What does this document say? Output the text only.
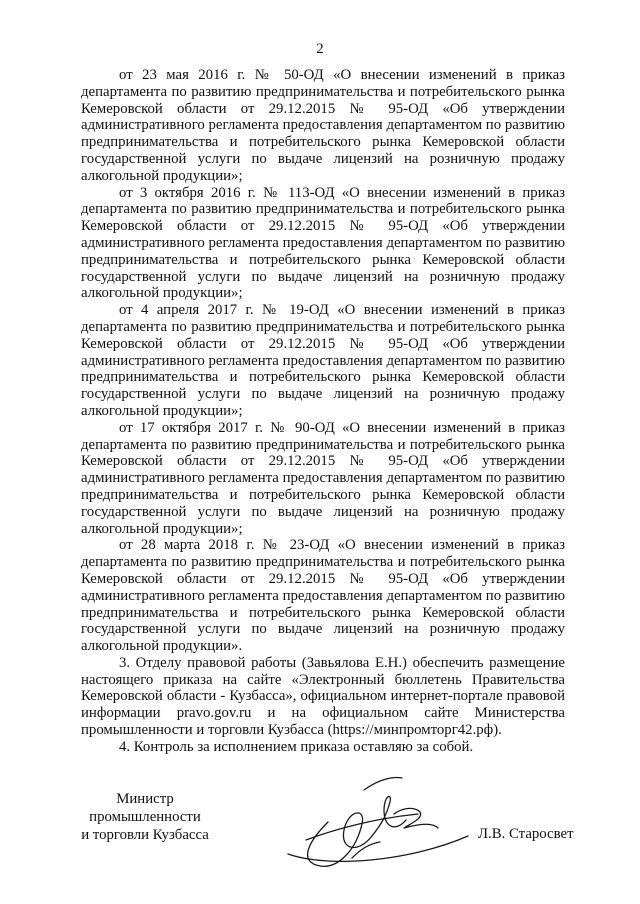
2

от 23 мая 2016 г. № 50-ОД «О внесении изменений в приказ департамента по развитию предпринимательства и потребительского рынка Кемеровской области от 29.12.2015 № 95-ОД «Об утверждении административного регламента предоставления департаментом по развитию предпринимательства и потребительского рынка Кемеровской области государственной услуги по выдаче лицензий на розничную продажу алкогольной продукции»;

от 3 октября 2016 г. № 113-ОД «О внесении изменений в приказ департамента по развитию предпринимательства и потребительского рынка Кемеровской области от 29.12.2015 № 95-ОД «Об утверждении административного регламента предоставления департаментом по развитию предпринимательства и потребительского рынка Кемеровской области государственной услуги по выдаче лицензий на розничную продажу алкогольной продукции»;

от 4 апреля 2017 г. № 19-ОД «О внесении изменений в приказ департамента по развитию предпринимательства и потребительского рынка Кемеровской области от 29.12.2015 № 95-ОД «Об утверждении административного регламента предоставления департаментом по развитию предпринимательства и потребительского рынка Кемеровской области государственной услуги по выдаче лицензий на розничную продажу алкогольной продукции»;

от 17 октября 2017 г. № 90-ОД «О внесении изменений в приказ департамента по развитию предпринимательства и потребительского рынка Кемеровской области от 29.12.2015 № 95-ОД «Об утверждении административного регламента предоставления департаментом по развитию предпринимательства и потребительского рынка Кемеровской области государственной услуги по выдаче лицензий на розничную продажу алкогольной продукции»;

от 28 марта 2018 г. № 23-ОД «О внесении изменений в приказ департамента по развитию предпринимательства и потребительского рынка Кемеровской области от 29.12.2015 № 95-ОД «Об утверждении административного регламента предоставления департаментом по развитию предпринимательства и потребительского рынка Кемеровской области государственной услуги по выдаче лицензий на розничную продажу алкогольной продукции».

3. Отделу правовой работы (Завьялова Е.Н.) обеспечить размещение настоящего приказа на сайте «Электронный бюллетень Правительства Кемеровской области - Кузбасса», официальном интернет-портале правовой информации pravo.gov.ru и на официальном сайте Министерства промышленности и торговли Кузбасса (https://минпромторг42.рф).

4. Контроль за исполнением приказа оставляю за собой.

Министр
промышленности
и торговли Кузбасса	Л.В. Старосвет
